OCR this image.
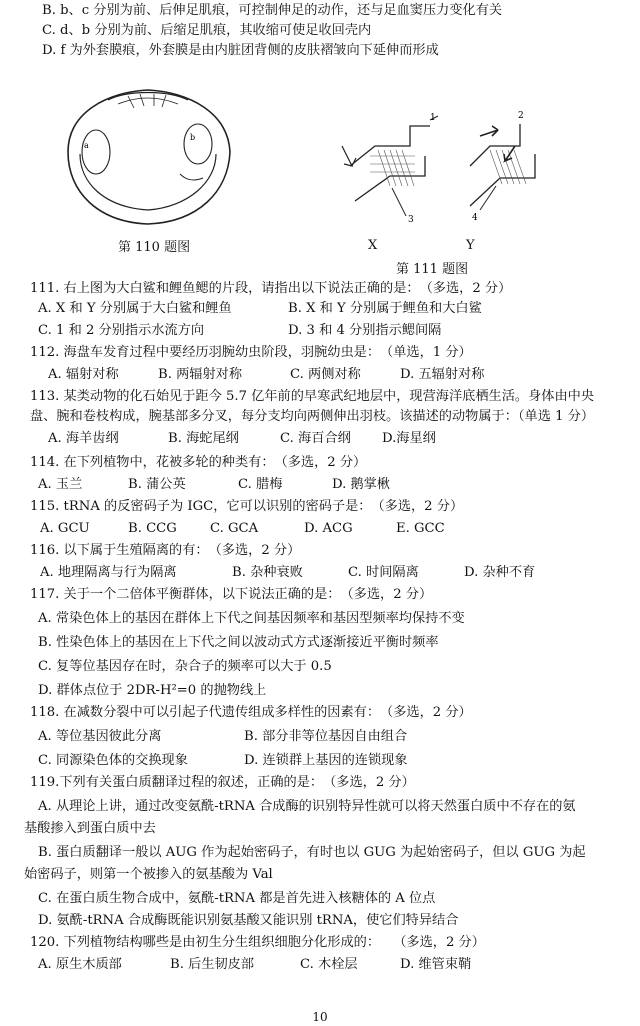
B. b、c 分别为前、后伸足肌痕，可控制伸足的动作，还与足血窦压力变化有关
C. d、b 分别为前、后缩足肌痕，其收缩可使足收回壳内
D. f 为外套膜痕，外套膜是由内脏团背侧的皮肤褶皱向下延伸而形成
a
b
第 110 题图
1
3
2
4
X	Y
第 111 题图
111. 右上图为大白鲨和鲤鱼鳃的片段，请指出以下说法正确的是：　（多选，2 分）
A. X 和 Y 分别属于大白鲨和鲤鱼	B. X 和 Y 分别属于鲤鱼和大白鲨
C. 1 和 2 分别指示水流方向	D. 3 和 4 分别指示鳃间隔
112. 海盘车发育过程中要经历羽腕幼虫阶段，羽腕幼虫是：　（单选，1 分）
A. 辐射对称	B. 两辐射对称	C. 两侧对称	D. 五辐射对称
113. 某类动物的化石始见于距今 5.7 亿年前的早寒武纪地层中，现营海洋底栖生活。身体由中央
盘、腕和卷枝构成，腕基部多分叉，每分支均向两侧伸出羽枝。该描述的动物属于：（单选 1 分）
A. 海羊齿纲	B. 海蛇尾纲	C. 海百合纲 D.海星纲
114. 在下列植物中，花被多轮的种类有：　（多选，2 分）
A. 玉兰	B. 蒲公英	C. 腊梅	D. 鹅掌楸
115. tRNA 的反密码子为 IGC，它可以识别的密码子是：　（多选，2 分）
A. GCU	B. CCG	C. GCA	D. ACG	E. GCC
116. 以下属于生殖隔离的有：　（多选，2 分）
A. 地理隔离与行为隔离	B. 杂种衰败	C. 时间隔离	D. 杂种不育
117. 关于一个二倍体平衡群体，以下说法正确的是：　（多选，2 分）
A. 常染色体上的基因在群体上下代之间基因频率和基因型频率均保持不变
B. 性染色体上的基因在上下代之间以波动式方式逐渐接近平衡时频率
C. 复等位基因存在时，杂合子的频率可以大于 0.5
D. 群体点位于 2DR-H²=0 的抛物线上
118. 在减数分裂中可以引起子代遗传组成多样性的因素有：　（多选，2 分）
A. 等位基因彼此分离	B. 部分非等位基因自由组合
C. 同源染色体的交换现象	D. 连锁群上基因的连锁现象
119.下列有关蛋白质翻译过程的叙述，正确的是：　（多选，2 分）
A. 从理论上讲，通过改变氨酰-tRNA 合成酶的识别特异性就可以将天然蛋白质中不存在的氨
基酸掺入到蛋白质中去
B. 蛋白质翻译一般以 AUG 作为起始密码子，有时也以 GUG 为起始密码子，但以 GUG 为起
始密码子，则第一个被掺入的氨基酸为 Val
C. 在蛋白质生物合成中，氨酰-tRNA 都是首先进入核糖体的 A 位点
D. 氨酰-tRNA 合成酶既能识别氨基酸又能识别 tRNA，使它们特异结合
120. 下列植物结构哪些是由初生分生组织细胞分化形成的：　　（多选，2 分）
A. 原生木质部	B. 后生韧皮部	C. 木栓层	D. 维管束鞘
10
